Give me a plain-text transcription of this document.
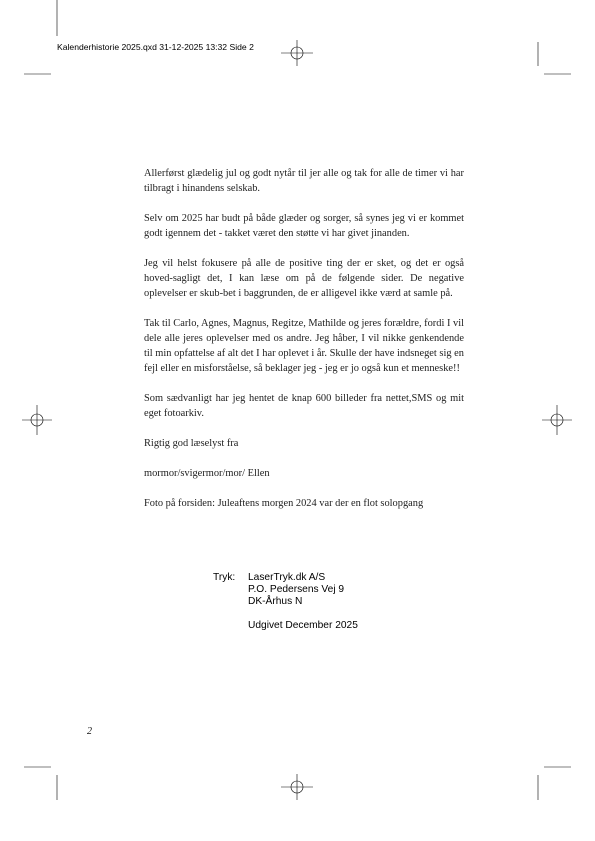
Kalenderhistorie 2025.qxd 31-12-2025 13:32 Side 2

Allerførst glædelig jul og godt nytår til jer alle og tak for alle de timer vi har tilbragt i hinandens selskab.

Selv om 2025 har budt på både glæder og sorger, så synes jeg vi er kommet godt igennem det - takket været den støtte vi har givet jinanden.

Jeg vil helst fokusere på alle de positive ting der er sket, og det er også hoved-sagligt det, I kan læse om på de følgende sider. De negative oplevelser er skub-bet i baggrunden, de er alligevel ikke værd at samle på.

Tak til Carlo, Agnes, Magnus, Regitze, Mathilde og jeres forældre, fordi I vil dele alle jeres oplevelser med os andre. Jeg håber, I vil nikke genkendende til min opfattelse af alt det I har oplevet i år. Skulle der have indsneget sig en fejl eller en misforståelse, så beklager jeg - jeg er jo også kun et menneske!!

Som sædvanligt har jeg hentet de knap 600 billeder fra nettet,SMS og mit eget fotoarkiv.

Rigtig god læselyst fra

mormor/svigermor/mor/ Ellen

Foto på forsiden: Juleaftens morgen 2024 var der en flot solopgang

Tryk:	LaserTryk.dk A/S
P.O. Pedersens Vej 9
DK-Århus N
Udgivet December 2025
2
